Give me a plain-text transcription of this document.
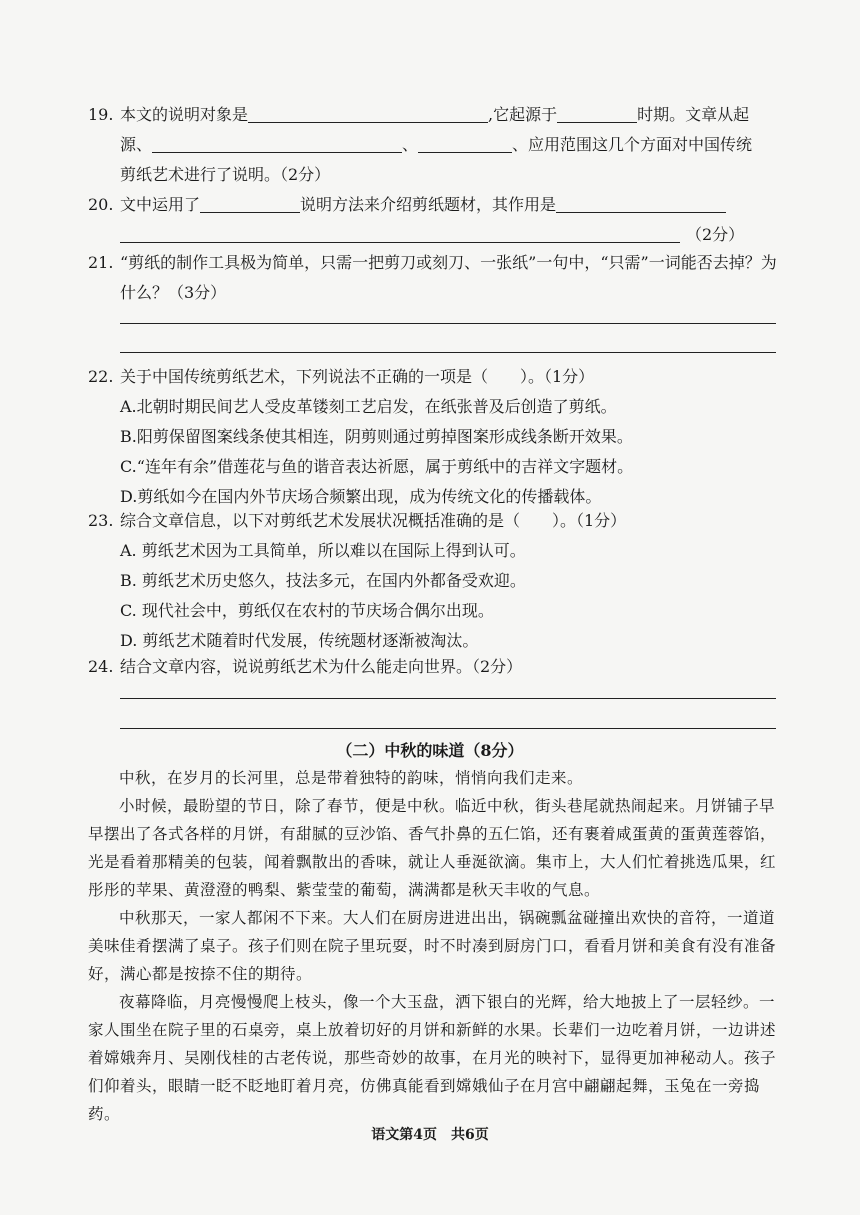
19. 本文的说明对象是	,它起源于	时期。文章从起
源、	、	、应用范围这几个方面对中国传统
剪纸艺术进行了说明。（2分）
20. 文中运用了	说明方法来介绍剪纸题材，其作用是
（2分）
21. “剪纸的制作工具极为简单，只需一把剪刀或刻刀、一张纸”一句中，“只需”一词能否去掉？为什么？（3分）
22. 关于中国传统剪纸艺术，下列说法不正确的一项是（　　）。（1分）
A.北朝时期民间艺人受皮革镂刻工艺启发，在纸张普及后创造了剪纸。
B.阳剪保留图案线条使其相连，阴剪则通过剪掉图案形成线条断开效果。
C.“连年有余”借莲花与鱼的谐音表达祈愿，属于剪纸中的吉祥文字题材。
D.剪纸如今在国内外节庆场合频繁出现，成为传统文化的传播载体。
23. 综合文章信息，以下对剪纸艺术发展状况概括准确的是（　　）。（1分）
A. 剪纸艺术因为工具简单，所以难以在国际上得到认可。
B. 剪纸艺术历史悠久，技法多元，在国内外都备受欢迎。
C. 现代社会中，剪纸仅在农村的节庆场合偶尔出现。
D. 剪纸艺术随着时代发展，传统题材逐渐被淘汰。
24. 结合文章内容，说说剪纸艺术为什么能走向世界。（2分）
（二）中秋的味道（8分）
中秋，在岁月的长河里，总是带着独特的韵味，悄悄向我们走来。
小时候，最盼望的节日，除了春节，便是中秋。临近中秋，街头巷尾就热闹起来。月饼铺子早早摆出了各式各样的月饼，有甜腻的豆沙馅、香气扑鼻的五仁馅，还有裹着咸蛋黄的蛋黄莲蓉馅，光是看着那精美的包装，闻着飘散出的香味，就让人垂涎欲滴。集市上，大人们忙着挑选瓜果，红彤彤的苹果、黄澄澄的鸭梨、紫莹莹的葡萄，满满都是秋天丰收的气息。
中秋那天，一家人都闲不下来。大人们在厨房进进出出，锅碗瓢盆碰撞出欢快的音符，一道道美味佳肴摆满了桌子。孩子们则在院子里玩耍，时不时凑到厨房门口，看看月饼和美食有没有准备好，满心都是按捺不住的期待。
夜幕降临，月亮慢慢爬上枝头，像一个大玉盘，洒下银白的光辉，给大地披上了一层轻纱。一家人围坐在院子里的石桌旁，桌上放着切好的月饼和新鲜的水果。长辈们一边吃着月饼，一边讲述着嫦娥奔月、吴刚伐桂的古老传说，那些奇妙的故事，在月光的映衬下，显得更加神秘动人。孩子们仰着头，眼睛一眨不眨地盯着月亮，仿佛真能看到嫦娥仙子在月宫中翩翩起舞，玉兔在一旁捣药。
语文第4页　共6页
